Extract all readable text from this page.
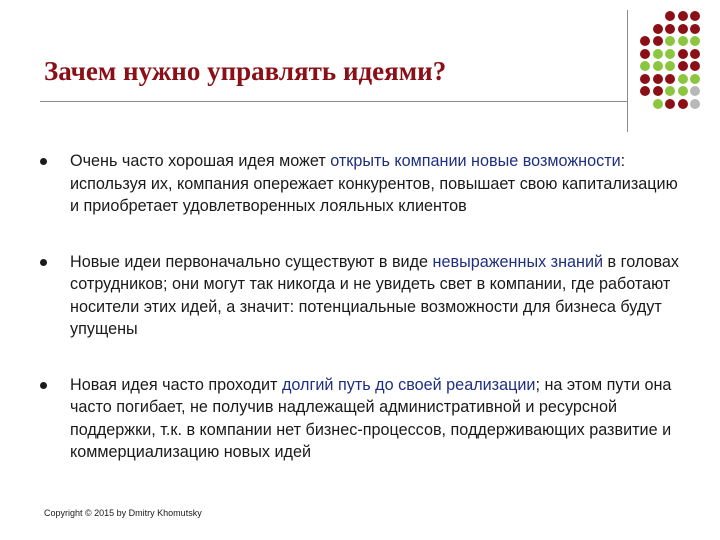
Зачем нужно управлять идеями?
Очень часто хорошая идея может открыть компании новые возможности: используя их, компания опережает конкурентов, повышает свою капитализацию и приобретает удовлетворенных лояльных клиентов
Новые идеи первоначально существуют в виде невыраженных знаний в головах сотрудников; они могут так никогда и не увидеть свет в компании, где работают носители этих идей, а значит: потенциальные возможности для бизнеса будут упущены
Новая идея часто проходит долгий путь до своей реализации; на этом пути она часто погибает, не получив надлежащей административной и ресурсной поддержки, т.к. в компании нет бизнес-процессов, поддерживающих развитие и коммерциализацию новых идей
Copyright © 2015 by Dmitry Khomutsky
